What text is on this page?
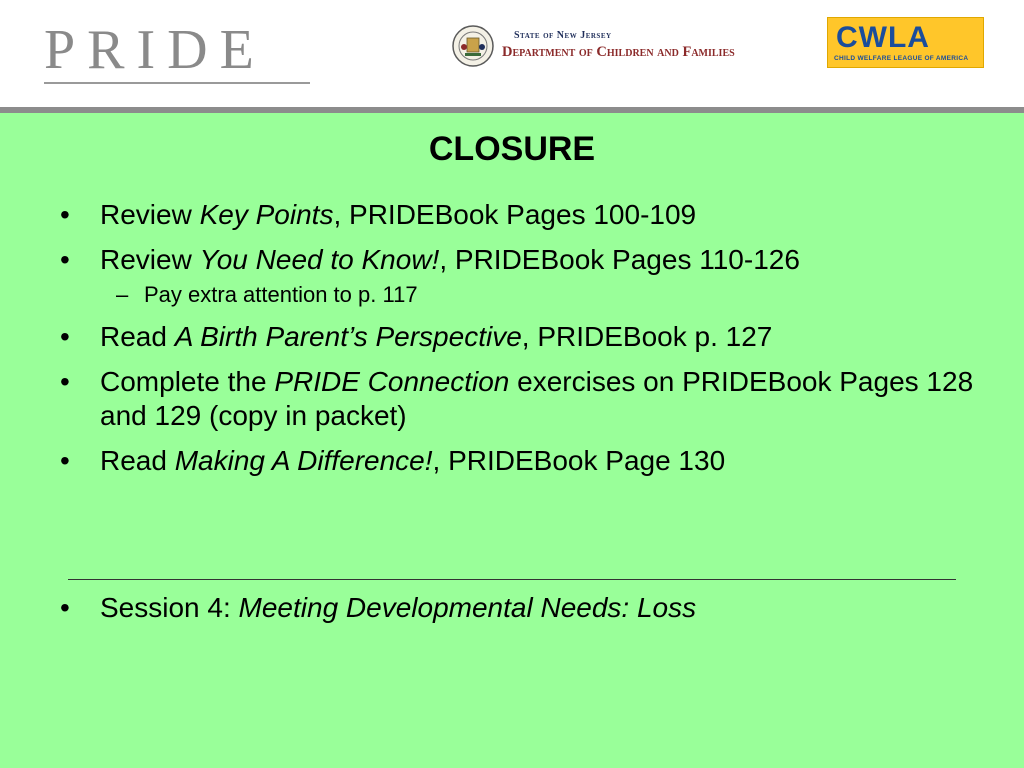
PRIDE	State of New Jersey
Department of Children and Families	CWLA
CHILD WELFARE LEAGUE OF AMERICA
CLOSURE
• Review Key Points, PRIDEBook Pages 100-109
• Review You Need to Know!, PRIDEBook Pages 110-126
– Pay extra attention to p. 117
• Read A Birth Parent’s Perspective, PRIDEBook p. 127
• Complete the PRIDE Connection exercises on PRIDEBook Pages 128 and 129 (copy in packet)
• Read Making A Difference!, PRIDEBook Page 130
• Session 4: Meeting Developmental Needs: Loss
